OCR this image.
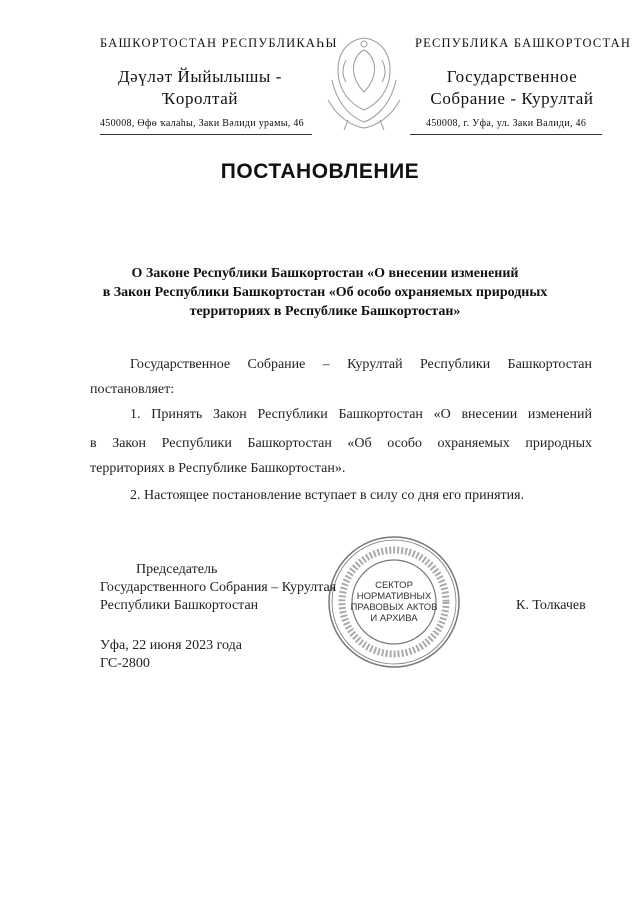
БАШКОРТОСТАН РЕСПУБЛИКАҺЫ
Дәүләт Йыйылышы -
Ҡоролтай
450008, Өфө ҡалаһы, Заки Вәлиди урамы, 46
РЕСПУБЛИКА БАШКОРТОСТАН
Государственное
Собрание - Курултай
450008, г. Уфа, ул. Заки Валиди, 46
ПОСТАНОВЛЕНИЕ
О Законе Республики Башкортостан «О внесении изменений
в Закон Республики Башкортостан «Об особо охраняемых природных
территориях в Республике Башкортостан»
Государственное Собрание – Курултай Республики Башкортостан
постановляет:
1. Принять Закон Республики Башкортостан «О внесении изменений
в Закон Республики Башкортостан «Об особо охраняемых природных
территориях в Республике Башкортостан».
2. Настоящее постановление вступает в силу со дня его принятия.
СЕКТОР
НОРМАТИВНЫХ
ПРАВОВЫХ АКТОВ
И АРХИВА
Председатель
Государственного Собрания – Курултая
Республики Башкортостан	К. Толкачев
Уфа, 22 июня 2023 года
ГС-2800
